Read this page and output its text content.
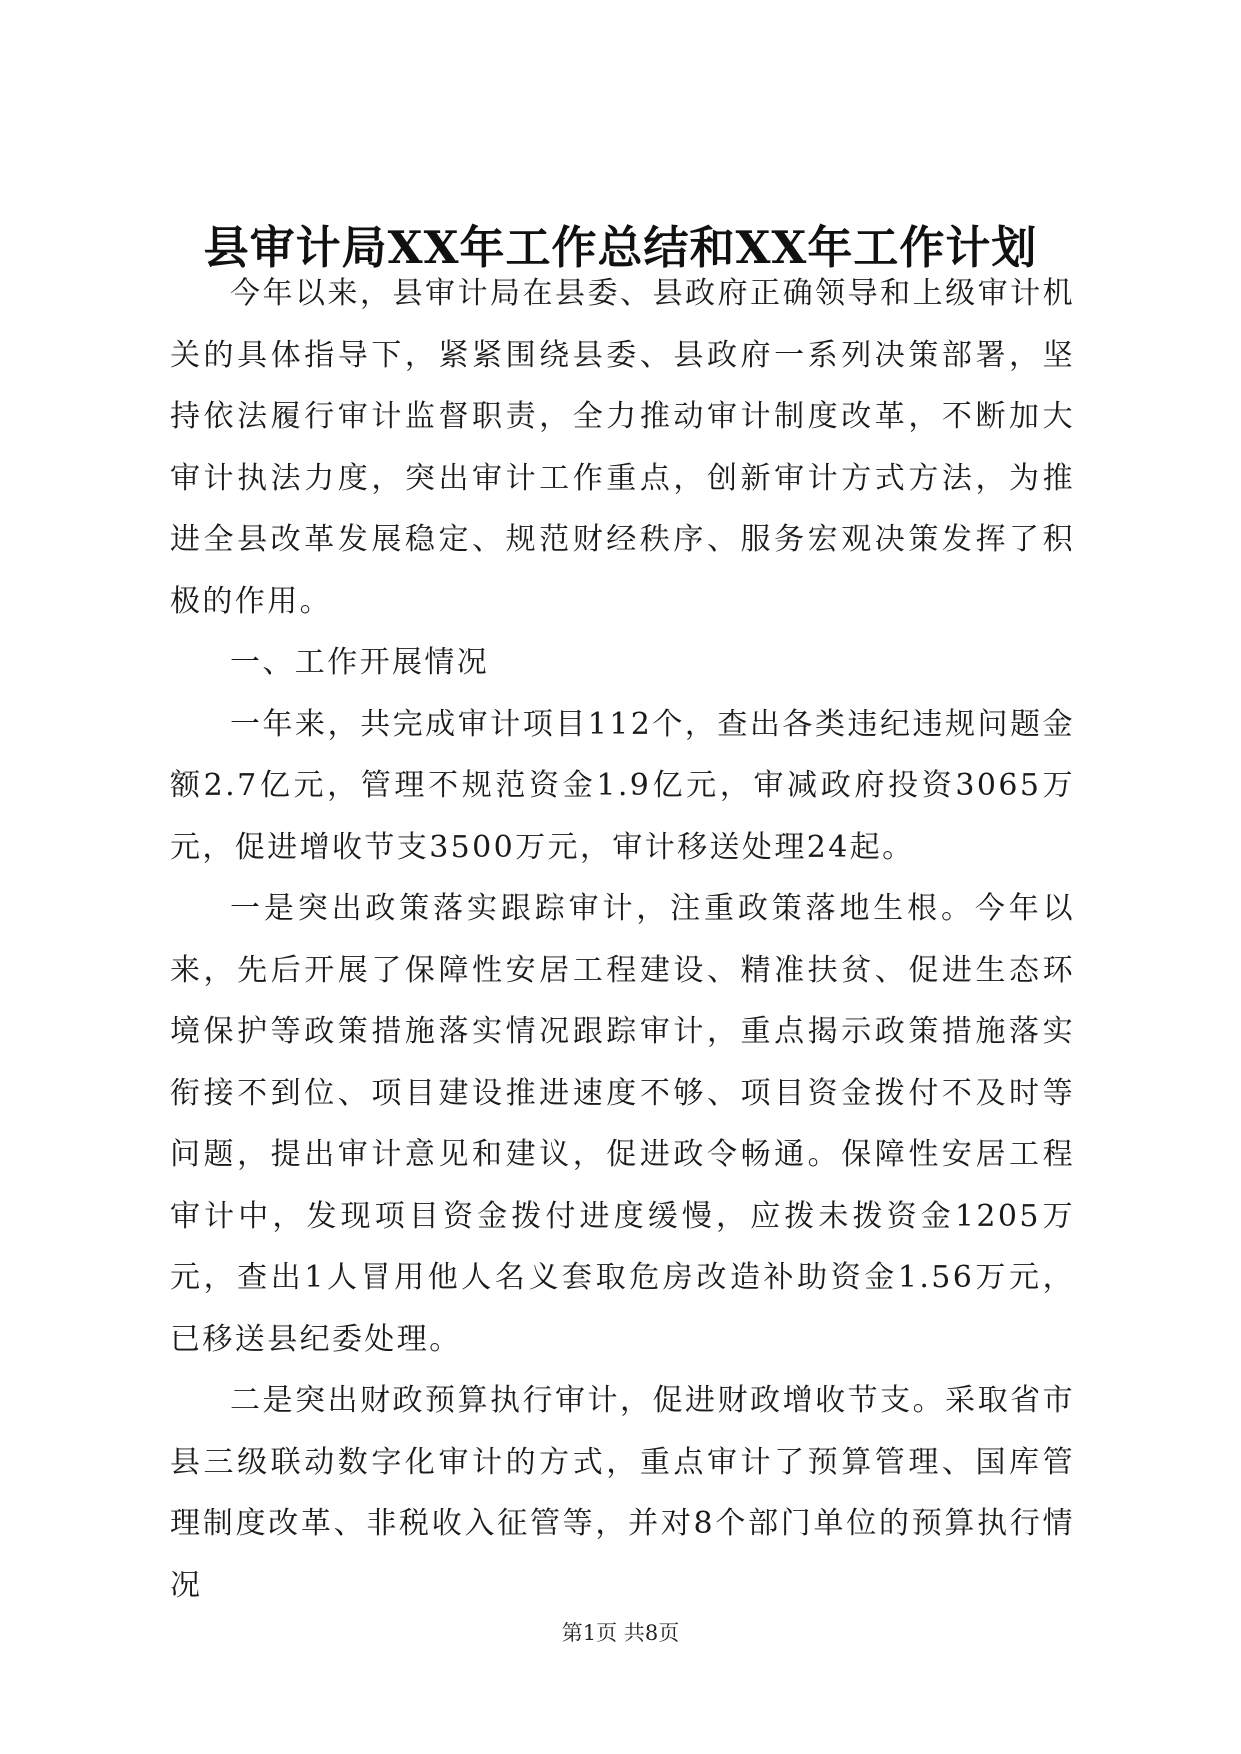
县审计局XX年工作总结和XX年工作计划

今年以来，县审计局在县委、县政府正确领导和上级审计机关的具体指导下，紧紧围绕县委、县政府一系列决策部署，坚持依法履行审计监督职责，全力推动审计制度改革，不断加大审计执法力度，突出审计工作重点，创新审计方式方法，为推进全县改革发展稳定、规范财经秩序、服务宏观决策发挥了积极的作用。

一、工作开展情况

一年来，共完成审计项目112个，查出各类违纪违规问题金额2.7亿元，管理不规范资金1.9亿元，审减政府投资3065万元，促进增收节支3500万元，审计移送处理24起。

一是突出政策落实跟踪审计，注重政策落地生根。今年以来，先后开展了保障性安居工程建设、精准扶贫、促进生态环境保护等政策措施落实情况跟踪审计，重点揭示政策措施落实衔接不到位、项目建设推进速度不够、项目资金拨付不及时等问题，提出审计意见和建议，促进政令畅通。保障性安居工程审计中，发现项目资金拨付进度缓慢，应拨未拨资金1205万元，查出1人冒用他人名义套取危房改造补助资金1.56万元，已移送县纪委处理。

二是突出财政预算执行审计，促进财政增收节支。采取省市县三级联动数字化审计的方式，重点审计了预算管理、国库管理制度改革、非税收入征管等，并对8个部门单位的预算执行情况

第1页 共8页
